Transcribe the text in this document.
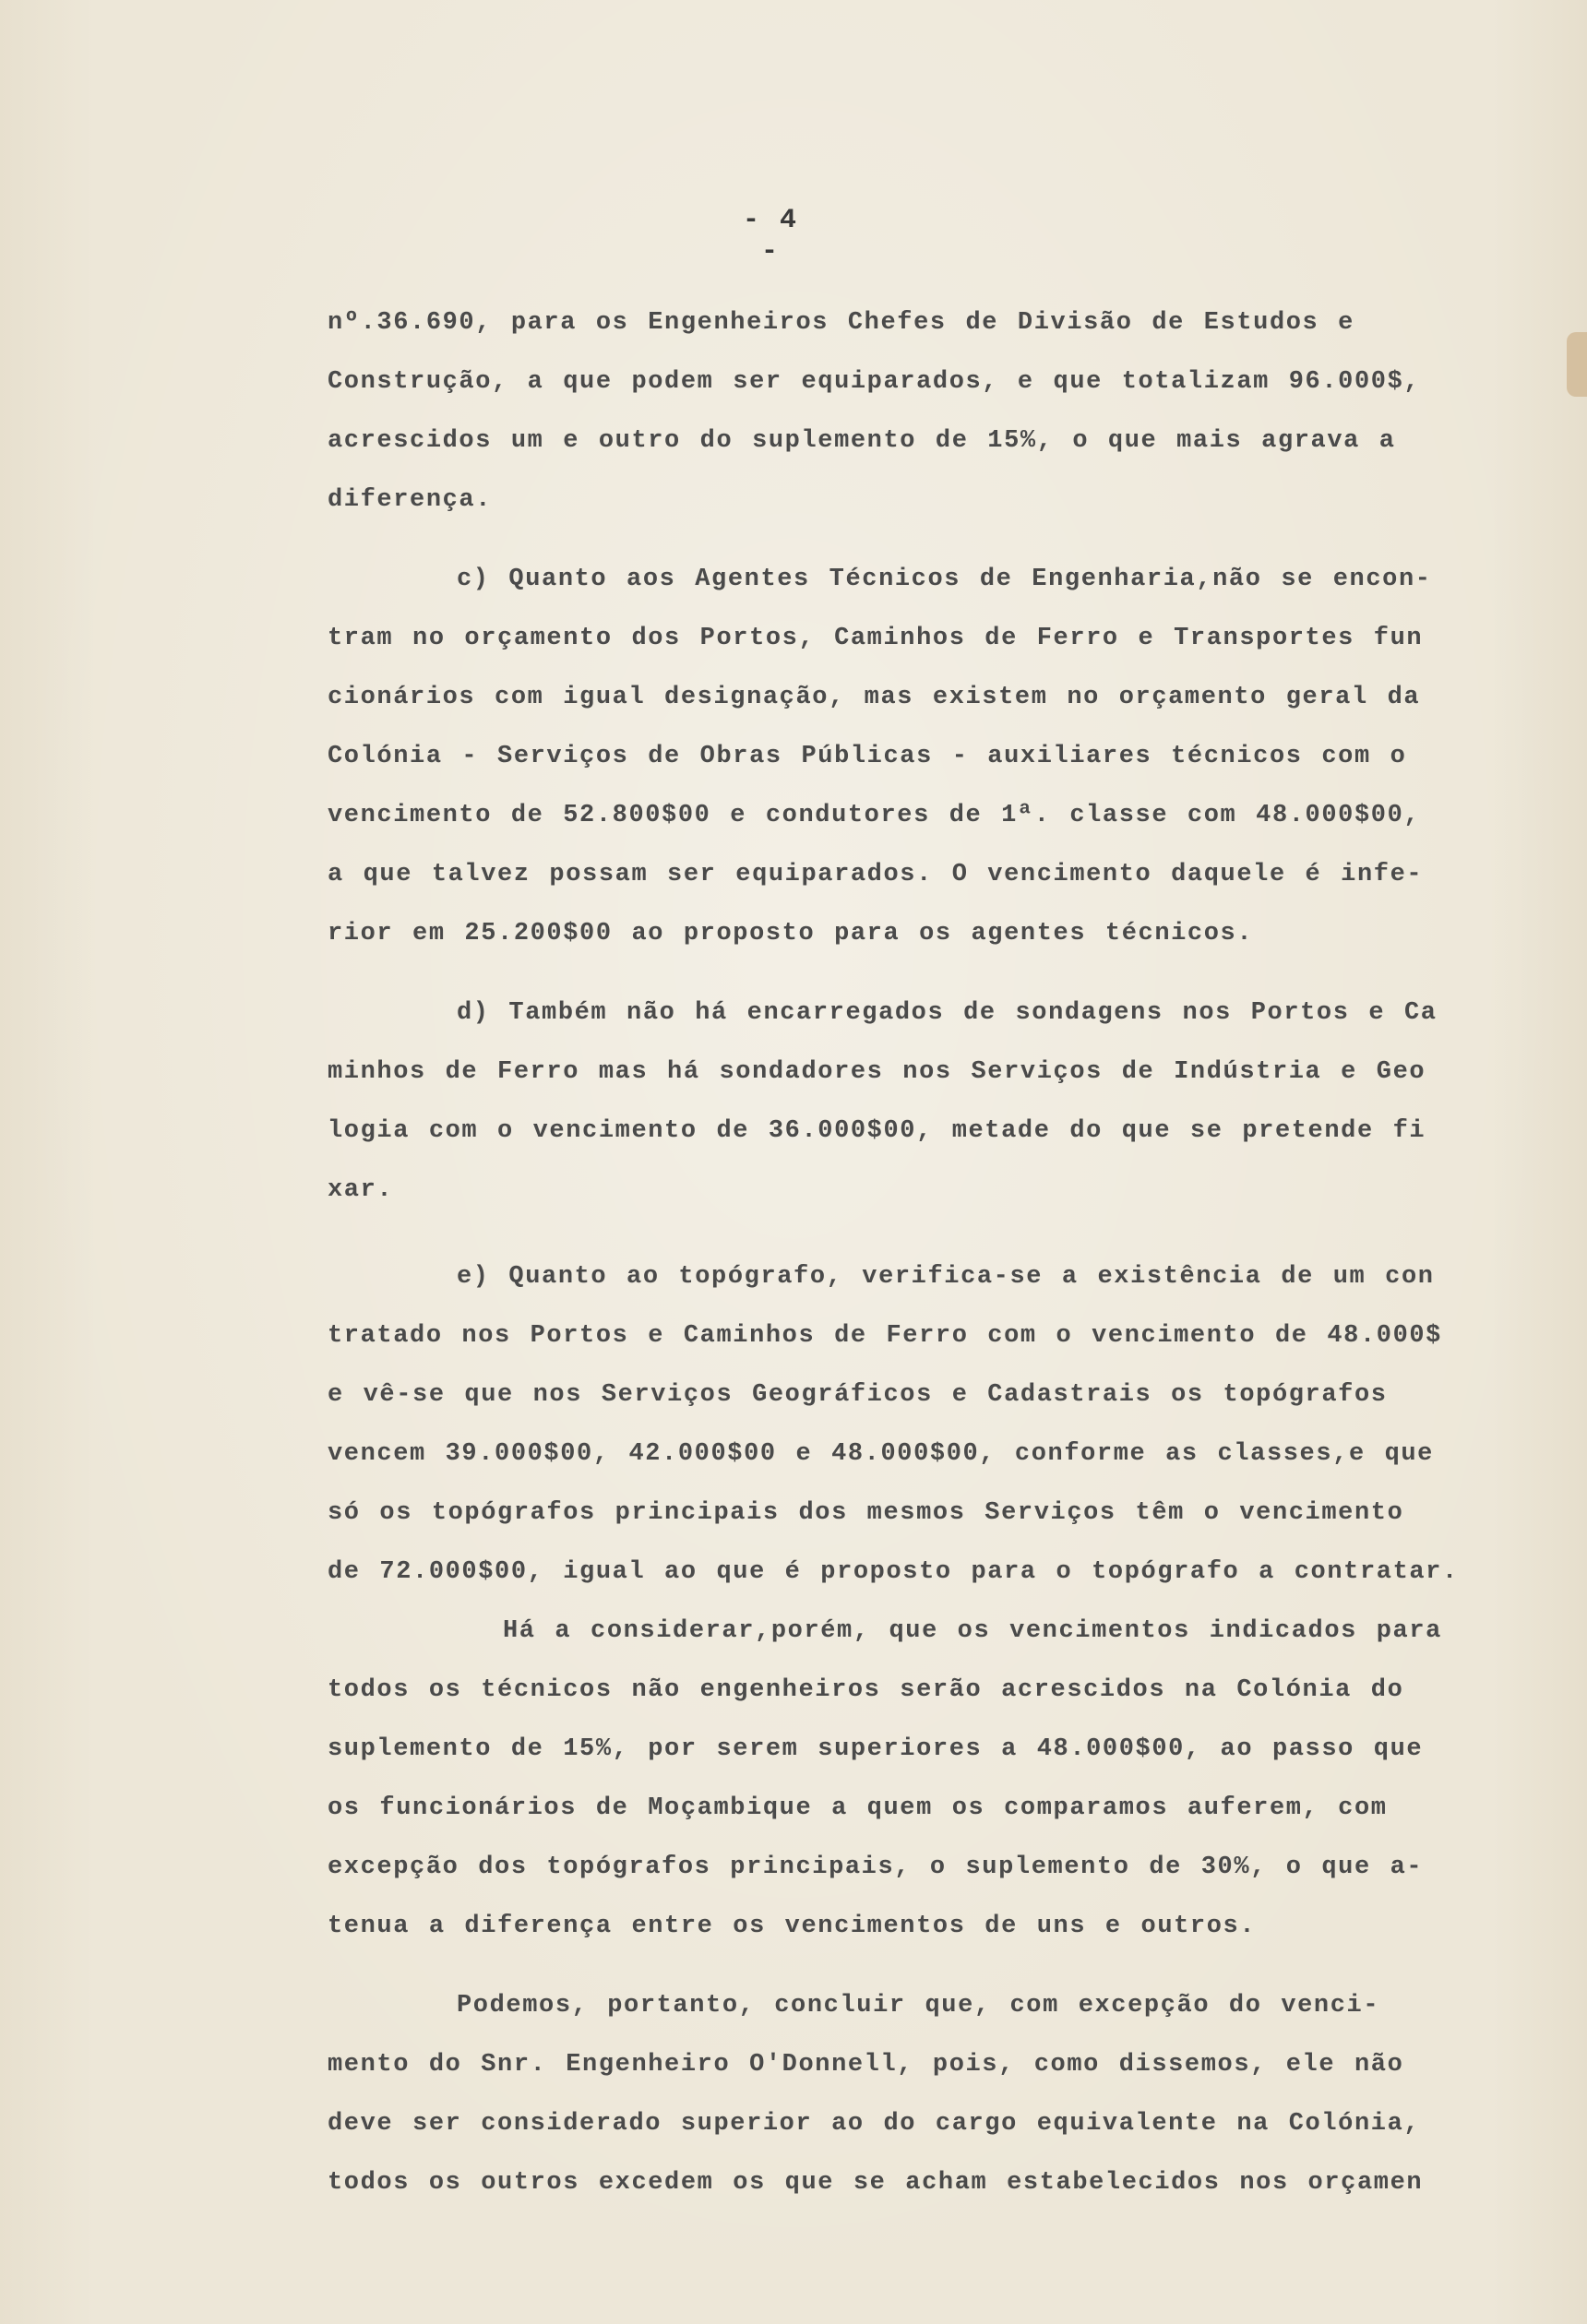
- 4 -
nº.36.690, para os Engenheiros Chefes de Divisão de Estudos e
Construção, a que podem ser equiparados, e que totalizam 96.000$,
acrescidos um e outro do suplemento de 15%, o que mais agrava a
diferença.
c) Quanto aos Agentes Técnicos de Engenharia,não se encon-
tram no orçamento dos Portos, Caminhos de Ferro e Transportes fun
cionários com igual designação, mas existem no orçamento geral da
Colónia - Serviços de Obras Públicas - auxiliares técnicos com o
vencimento de 52.800$00 e condutores de 1ª. classe com 48.000$00,
a que talvez possam ser equiparados. O vencimento daquele é infe-
rior em 25.200$00 ao proposto para os agentes técnicos.
d) Também não há encarregados de sondagens nos Portos e Ca
minhos de Ferro mas há sondadores nos Serviços de Indústria e Geo
logia com o vencimento de 36.000$00, metade do que se pretende fi
xar.
e) Quanto ao topógrafo, verifica-se a existência de um con
tratado nos Portos e Caminhos de Ferro com o vencimento de 48.000$
e vê-se que nos Serviços Geográficos e Cadastrais os topógrafos
vencem 39.000$00, 42.000$00 e 48.000$00, conforme as classes,e que
só os topógrafos principais dos mesmos Serviços têm o vencimento
de 72.000$00, igual ao que é proposto para o topógrafo a contratar.
Há a considerar,porém, que os vencimentos indicados para
todos os técnicos não engenheiros serão acrescidos na Colónia do
suplemento de 15%, por serem superiores a 48.000$00, ao passo que
os funcionários de Moçambique a quem os comparamos auferem, com
excepção dos topógrafos principais, o suplemento de 30%, o que a-
tenua a diferença entre os vencimentos de uns e outros.
Podemos, portanto, concluir que, com excepção do venci-
mento do Snr. Engenheiro O'Donnell, pois, como dissemos, ele não
deve ser considerado superior ao do cargo equivalente na Colónia,
todos os outros excedem os que se acham estabelecidos nos orçamen
